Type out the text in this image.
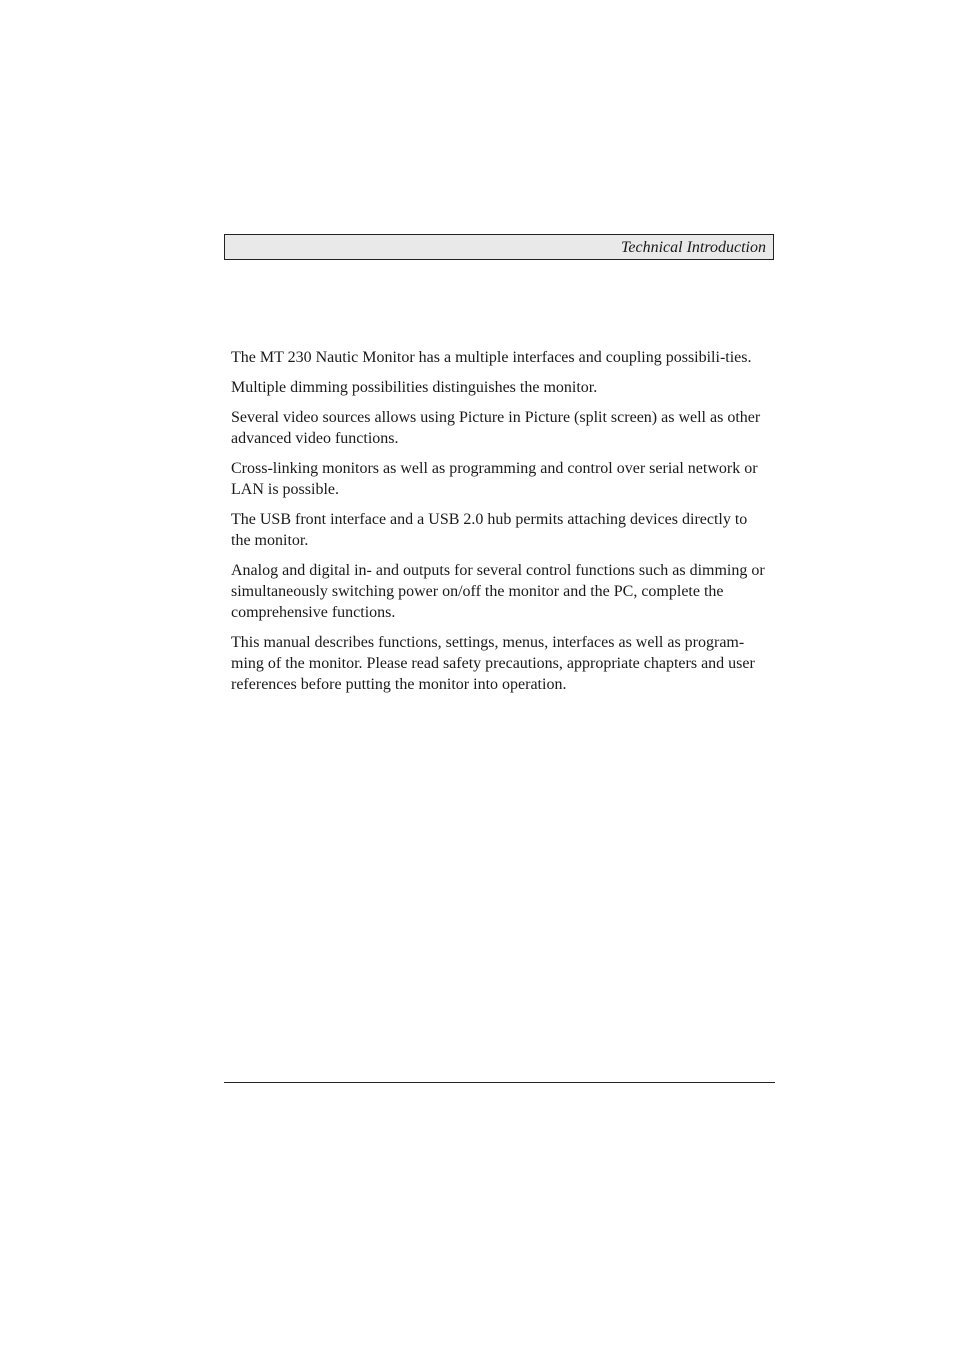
Technical Introduction

The MT 230 Nautic Monitor has a multiple interfaces and coupling possibili-ties.

Multiple dimming possibilities distinguishes the monitor.

Several video sources allows using Picture in Picture (split screen) as well as other advanced video functions.

Cross-linking monitors as well as programming and control over serial network or LAN is possible.

The USB front interface and a USB 2.0 hub permits attaching devices directly to the monitor.

Analog and digital in- and outputs for several control functions such as dimming or simultaneously switching power on/off the monitor and the PC, complete the comprehensive functions.

This manual describes functions, settings, menus, interfaces as well as program-ming of the monitor. Please read safety precautions, appropriate chapters and user references before putting the monitor into operation.
